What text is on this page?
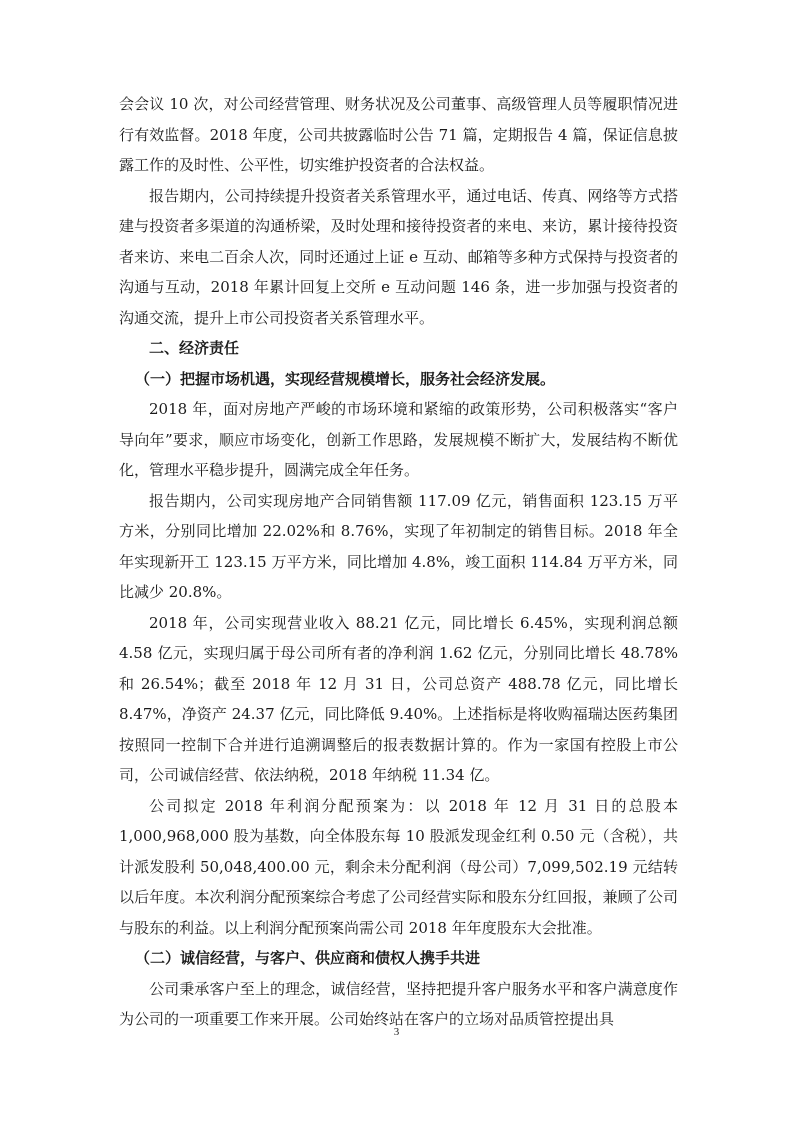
会会议 10 次，对公司经营管理、财务状况及公司董事、高级管理人员等履职情况进行有效监督。2018 年度，公司共披露临时公告 71 篇，定期报告 4 篇，保证信息披露工作的及时性、公平性，切实维护投资者的合法权益。

报告期内，公司持续提升投资者关系管理水平，通过电话、传真、网络等方式搭建与投资者多渠道的沟通桥梁，及时处理和接待投资者的来电、来访，累计接待投资者来访、来电二百余人次，同时还通过上证 e 互动、邮箱等多种方式保持与投资者的沟通与互动，2018 年累计回复上交所 e 互动问题 146 条，进一步加强与投资者的沟通交流，提升上市公司投资者关系管理水平。

二、经济责任

（一）把握市场机遇，实现经营规模增长，服务社会经济发展。

2018 年，面对房地产严峻的市场环境和紧缩的政策形势，公司积极落实“客户导向年”要求，顺应市场变化，创新工作思路，发展规模不断扩大，发展结构不断优化，管理水平稳步提升，圆满完成全年任务。

报告期内，公司实现房地产合同销售额 117.09 亿元，销售面积 123.15 万平方米，分别同比增加 22.02%和 8.76%，实现了年初制定的销售目标。2018 年全年实现新开工 123.15 万平方米，同比增加 4.8%，竣工面积 114.84 万平方米，同比减少 20.8%。

2018 年，公司实现营业收入 88.21 亿元，同比增长 6.45%，实现利润总额 4.58 亿元，实现归属于母公司所有者的净利润 1.62 亿元，分别同比增长 48.78%和 26.54%；截至 2018 年 12 月 31 日，公司总资产 488.78 亿元，同比增长 8.47%，净资产 24.37 亿元，同比降低 9.40%。上述指标是将收购福瑞达医药集团按照同一控制下合并进行追溯调整后的报表数据计算的。作为一家国有控股上市公司，公司诚信经营、依法纳税，2018 年纳税 11.34 亿。

公司拟定 2018 年利润分配预案为：以 2018 年 12 月 31 日的总股本 1,000,968,000 股为基数，向全体股东每 10 股派发现金红利 0.50 元（含税），共计派发股利 50,048,400.00 元，剩余未分配利润（母公司）7,099,502.19 元结转以后年度。本次利润分配预案综合考虑了公司经营实际和股东分红回报，兼顾了公司与股东的利益。以上利润分配预案尚需公司 2018 年年度股东大会批准。

（二）诚信经营，与客户、供应商和债权人携手共进

公司秉承客户至上的理念，诚信经营，坚持把提升客户服务水平和客户满意度作为公司的一项重要工作来开展。公司始终站在客户的立场对品质管控提出具

3
